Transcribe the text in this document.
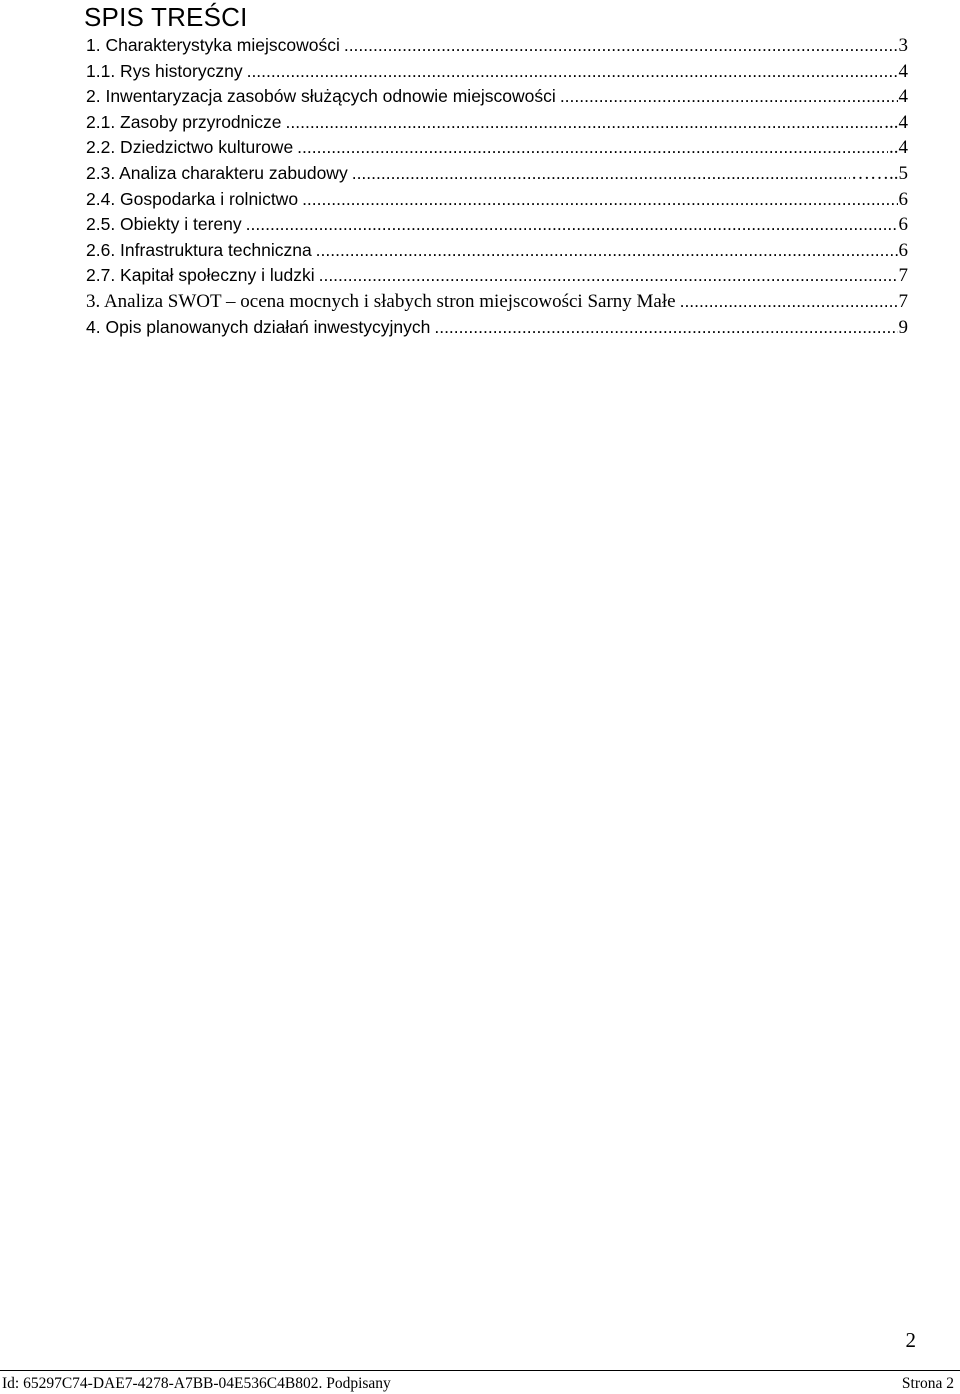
SPIS TREŚCI
1. Charakterystyka miejscowości .....	3
1.1. Rys historyczny .....	4
2. Inwentaryzacja zasobów służących odnowie miejscowości .....	4
2.1. Zasoby przyrodnicze .....	...4
2.2. Dziedzictwo kulturowe .....	..4
2.3. Analiza charakteru zabudowy .....	……..5
2.4. Gospodarka i rolnictwo .....	6
2.5. Obiekty i tereny .....	6
2.6. Infrastruktura techniczna .....	6
2.7. Kapitał społeczny i ludzki .....	7
3. Analiza SWOT – ocena mocnych i słabych stron miejscowości Sarny Małe .....	7
4. Opis planowanych działań inwestycyjnych .....	9
2
Id: 65297C74-DAE7-4278-A7BB-04E536C4B802. Podpisany	Strona 2
